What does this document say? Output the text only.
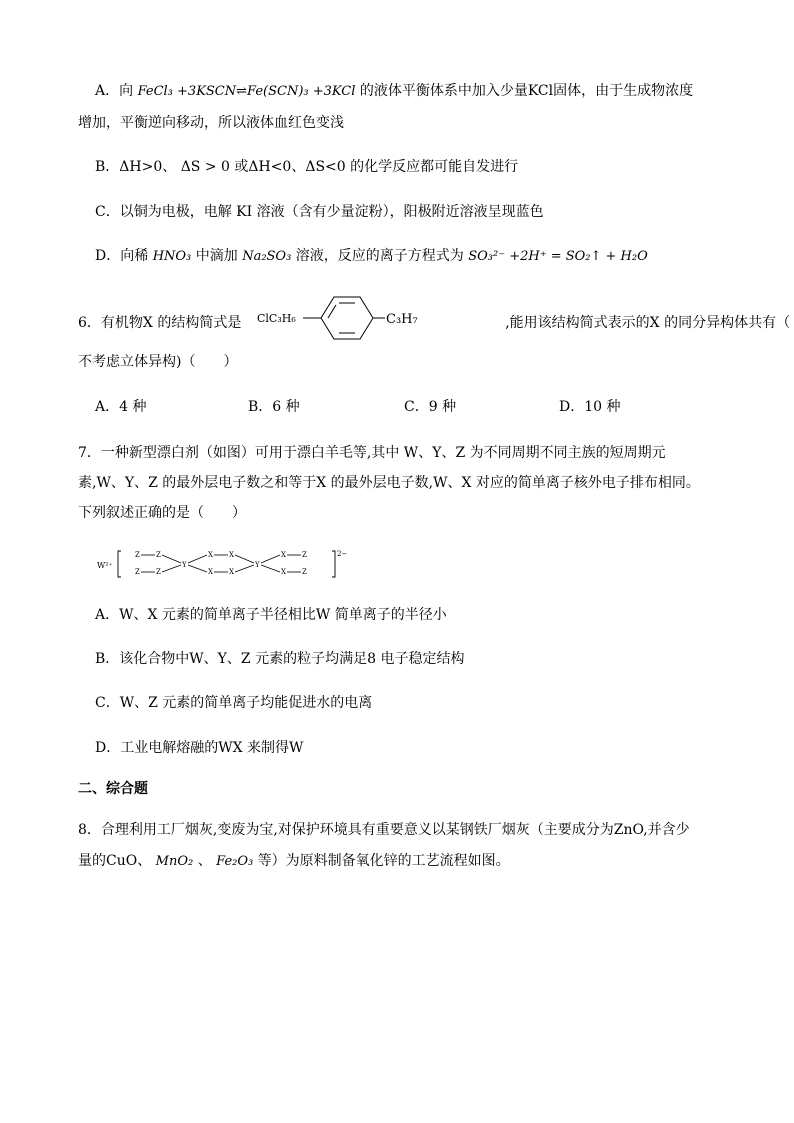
A．向 FeCl₃ +3KSCN⇌Fe(SCN)₃ +3KCl 的液体平衡体系中加入少量KCl固体，由于生成物浓度
增加，平衡逆向移动，所以液体血红色变浅
B．ΔH>0、 ΔS > 0 或ΔH<0、ΔS<0 的化学反应都可能自发进行
C．以铜为电极，电解 KI 溶液（含有少量淀粉），阳极附近溶液呈现蓝色
D．向稀 HNO₃ 中滴加 Na₂SO₃ 溶液，反应的离子方程式为 SO₃²⁻ +2H⁺ = SO₂↑ + H₂O
6．有机物X 的结构简式是	,能用该结构简式表示的X 的同分异构体共有（
ClC₃H₆	C₃H₇
不考虑立体异构)（　　）
A．4 种	B．6 种	C．9 种	D．10 种
7．一种新型漂白剂（如图）可用于漂白羊毛等,其中 W、Y、Z 为不同周期不同主族的短周期元
素,W、Y、Z 的最外层电子数之和等于X 的最外层电子数,W、X 对应的简单离子核外电子排布相同。
下列叙述正确的是（　　）
W²⁺
Z Z
Z Z
Y
X X
X X
Y
X Z
X Z
2−
A．W、X 元素的简单离子半径相比W 简单离子的半径小
B．该化合物中W、Y、Z 元素的粒子均满足8 电子稳定结构
C．W、Z 元素的简单离子均能促进水的电离
D．工业电解熔融的WX 来制得W
二、综合题
8．合理利用工厂烟灰,变废为宝,对保护环境具有重要意义以某钢铁厂烟灰（主要成分为ZnO,并含少
量的CuO、 MnO₂ 、 Fe₂O₃ 等）为原料制备氧化锌的工艺流程如图。
